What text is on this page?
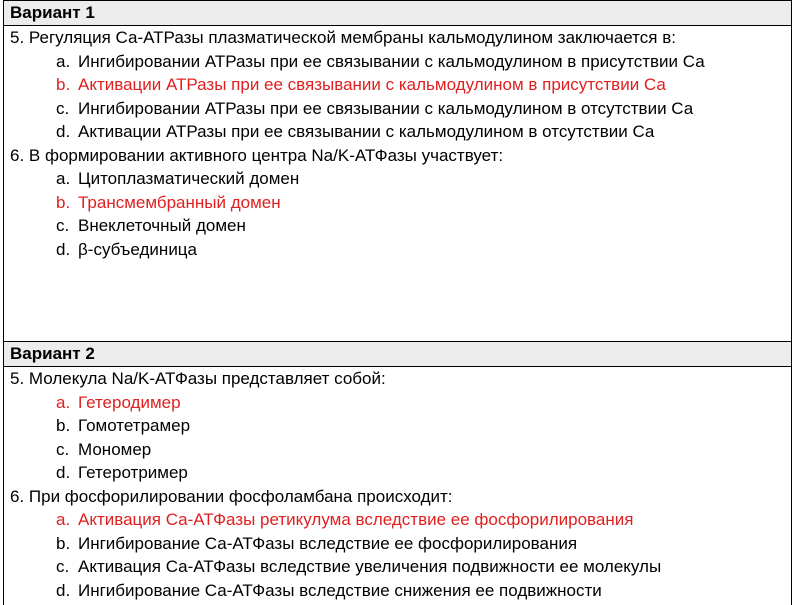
Вариант 1
5. Регуляция Са-АТРазы плазматической мембраны кальмодулином заключается в:
a. Ингибировании АТРазы при ее связывании с кальмодулином в присутствии Са
b. Активации АТРазы при ее связывании с кальмодулином в присутствии Са
c. Ингибировании АТРазы при ее связывании с кальмодулином в отсутствии Са
d. Активации АТРазы при ее связывании с кальмодулином в отсутствии Са
6. В формировании активного центра Na/K-АТФазы участвует:
a. Цитоплазматический домен
b. Трансмембранный домен
c. Внеклеточный домен
d. β-субъединица
Вариант 2
5. Молекула Na/K-АТФазы представляет собой:
a. Гетеродимер
b. Гомотетрамер
c. Мономер
d. Гетеротример
6. При фосфорилировании фосфоламбана происходит:
a. Активация Са-АТФазы ретикулума вследствие ее фосфорилирования
b. Ингибирование Са-АТФазы вследствие ее фосфорилирования
c. Активация Са-АТФазы вследствие увеличения подвижности ее молекулы
d. Ингибирование Са-АТФазы вследствие снижения ее подвижности
